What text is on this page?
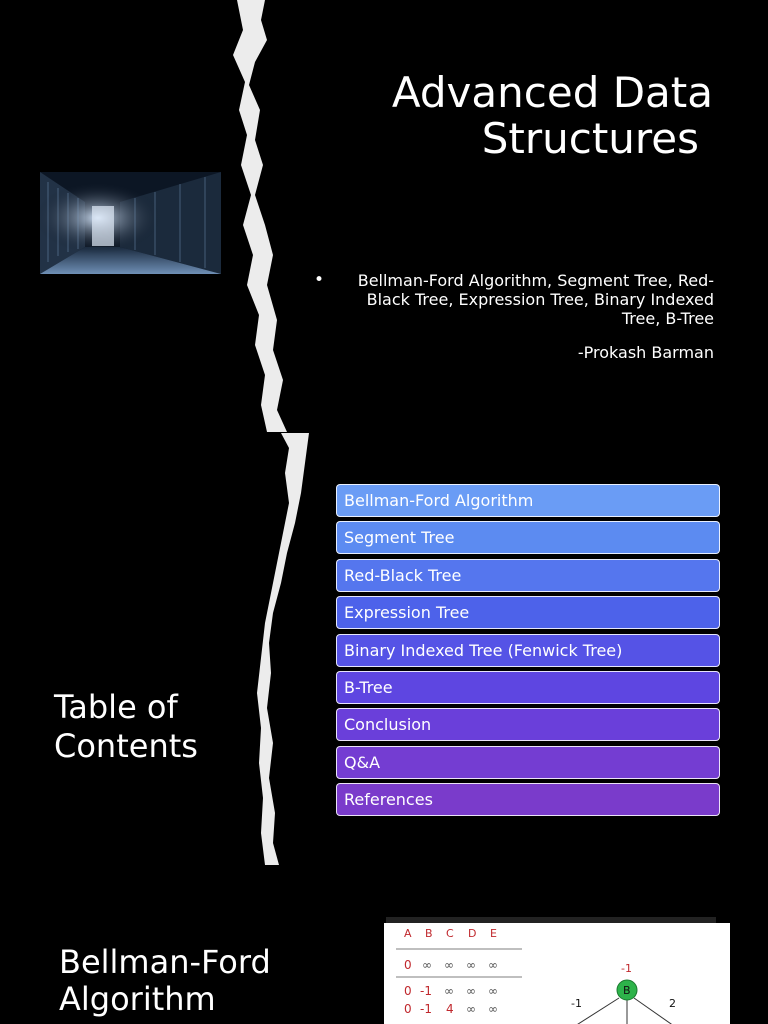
Advanced Data
Structures
• Bellman-Ford Algorithm, Segment Tree, Red-Black Tree, Expression Tree, Binary Indexed Tree, B-Tree
-Prokash Barman
Table of
Contents
Bellman-Ford Algorithm
Segment Tree
Red-Black Tree
Expression Tree
Binary Indexed Tree (Fenwick Tree)
B-Tree
Conclusion
Q&A
References
Bellman-Ford
Algorithm
A B C D E
0 ∞ ∞ ∞ ∞
0 -1 ∞ ∞ ∞
0 -1 4 ∞ ∞
B
-1
-1	2
